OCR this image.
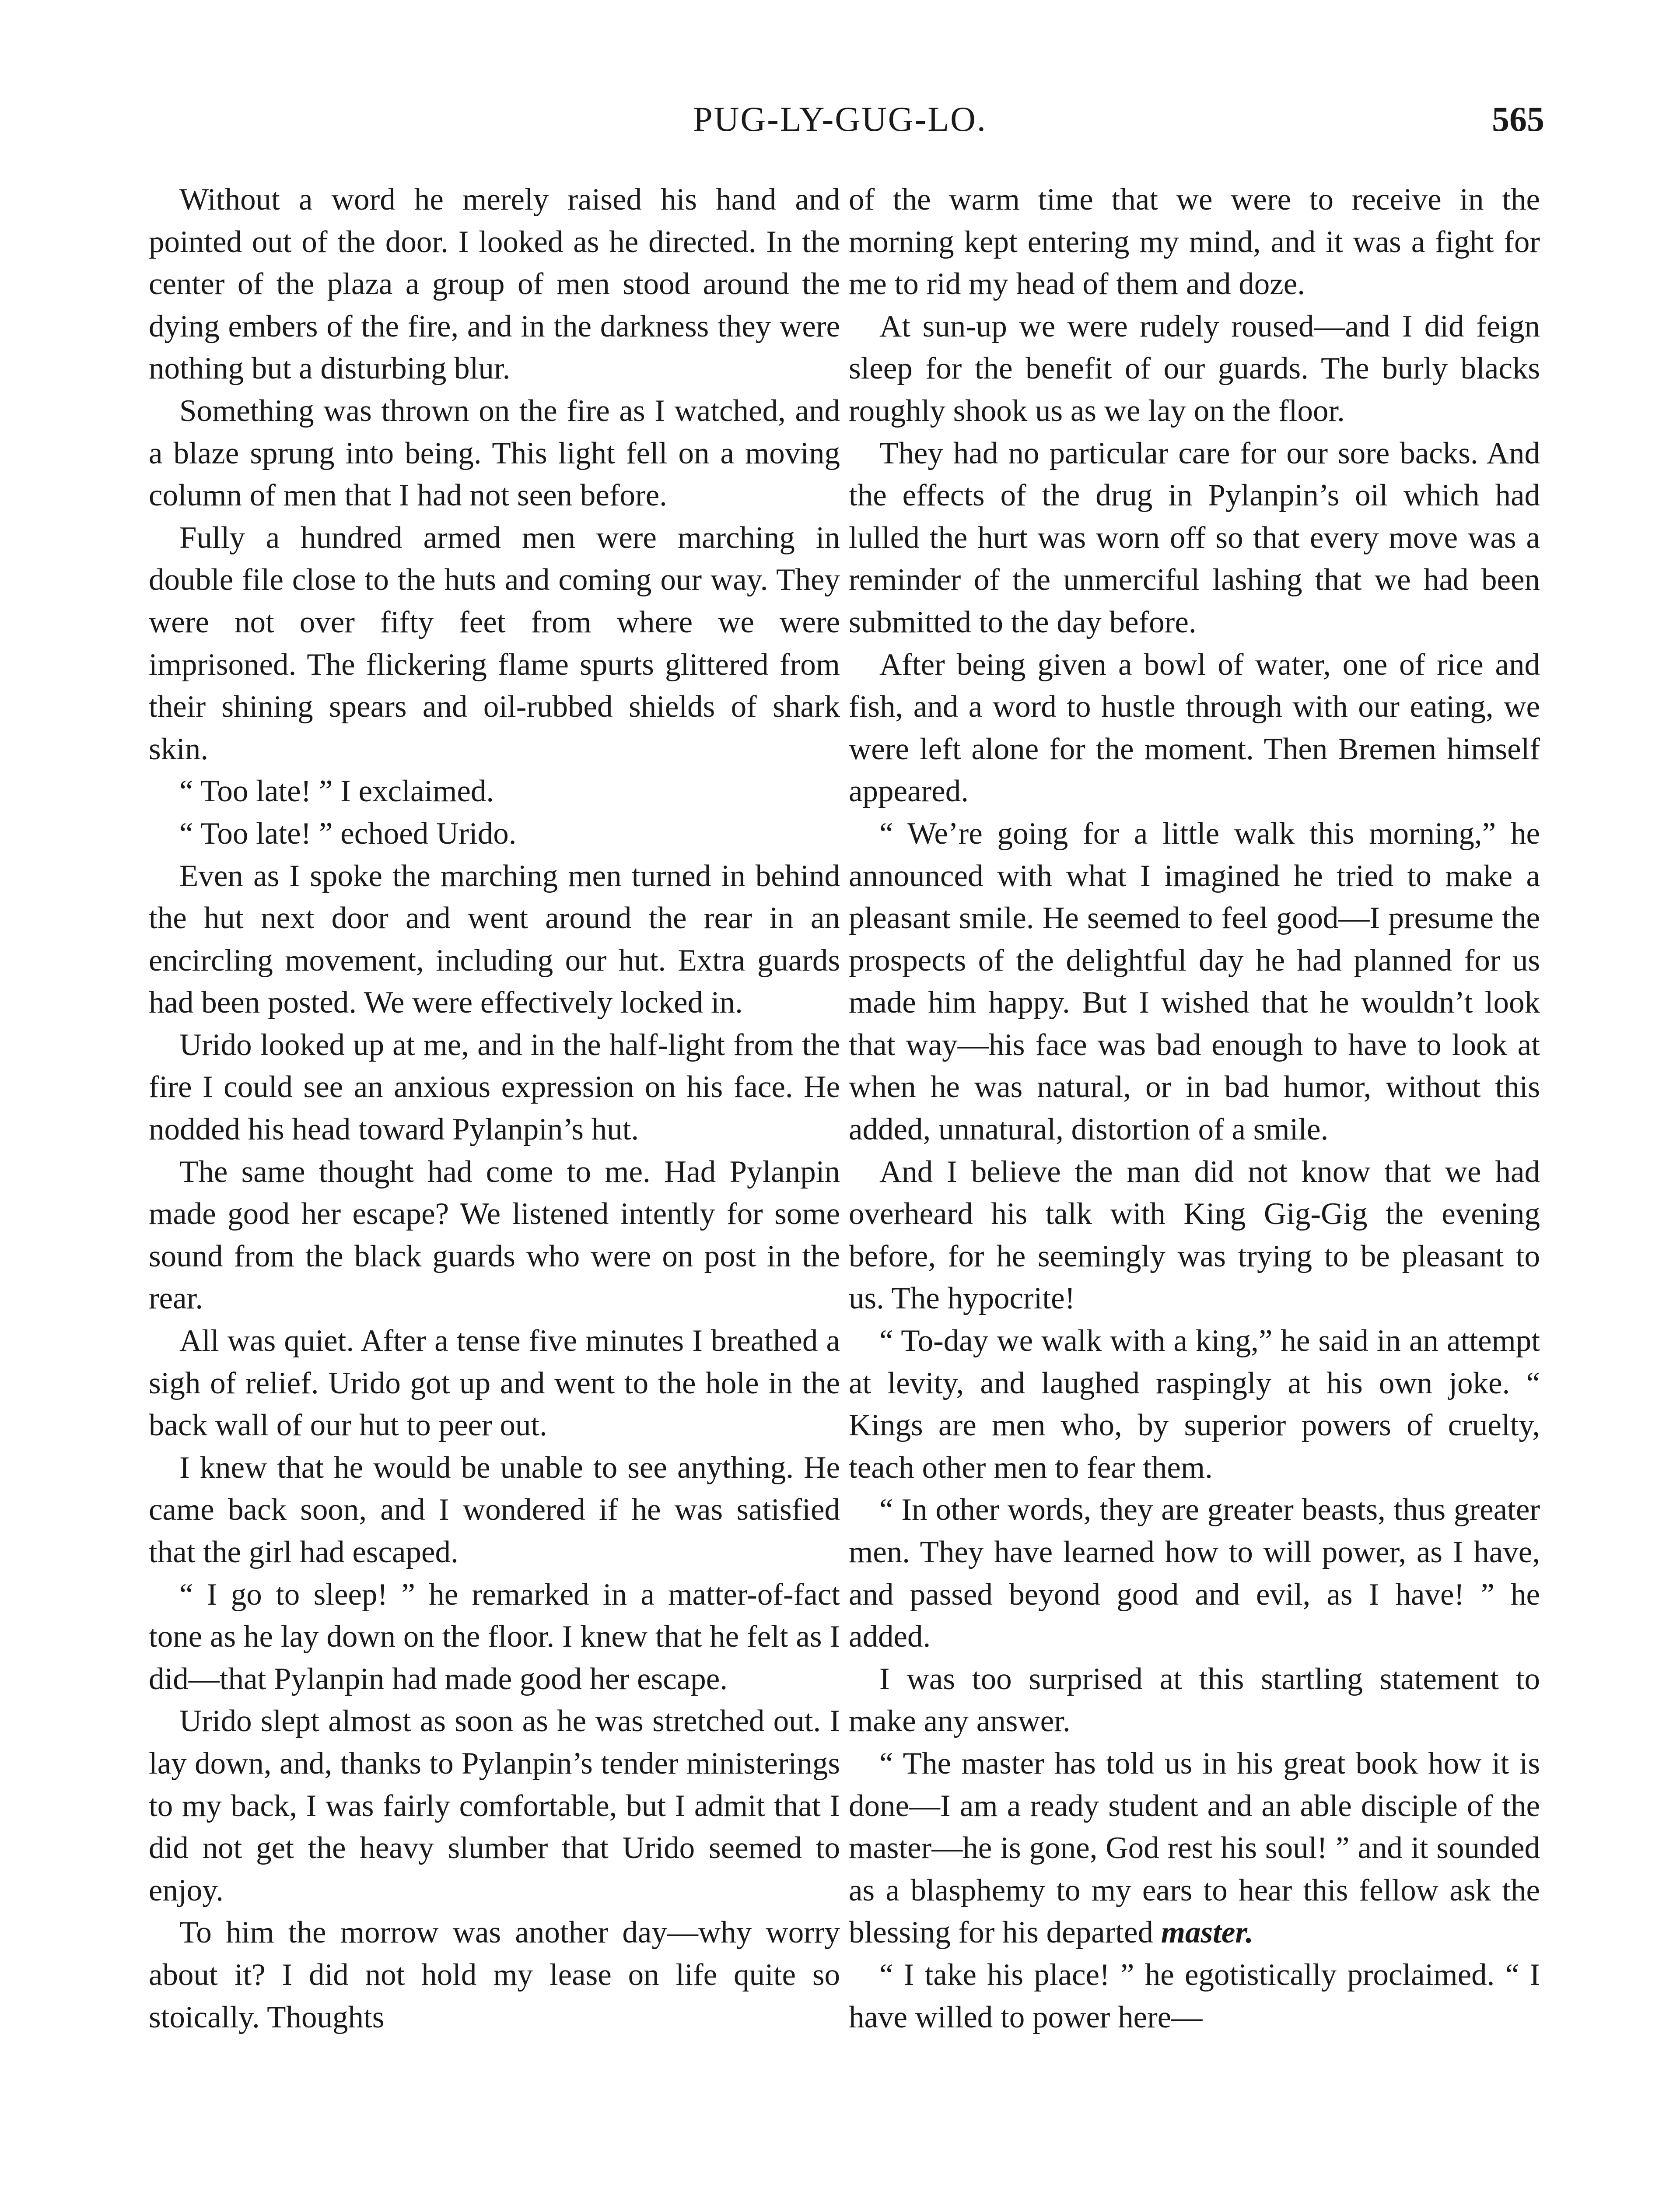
PUG-LY-GUG-LO.	565

Without a word he merely raised his hand and pointed out of the door. I looked as he directed. In the center of the plaza a group of men stood around the dying embers of the fire, and in the darkness they were nothing but a disturbing blur.

Something was thrown on the fire as I watched, and a blaze sprung into being. This light fell on a moving column of men that I had not seen before.

Fully a hundred armed men were marching in double file close to the huts and coming our way. They were not over fifty feet from where we were imprisoned. The flickering flame spurts glittered from their shining spears and oil-rubbed shields of shark skin.

“ Too late! ” I exclaimed.

“ Too late! ” echoed Urido.

Even as I spoke the marching men turned in behind the hut next door and went around the rear in an encircling movement, including our hut. Extra guards had been posted. We were effectively locked in.

Urido looked up at me, and in the half-light from the fire I could see an anxious expression on his face. He nodded his head toward Pylanpin’s hut.

The same thought had come to me. Had Pylanpin made good her escape? We listened intently for some sound from the black guards who were on post in the rear.

All was quiet. After a tense five minutes I breathed a sigh of relief. Urido got up and went to the hole in the back wall of our hut to peer out.

I knew that he would be unable to see anything. He came back soon, and I wondered if he was satisfied that the girl had escaped.

“ I go to sleep! ” he remarked in a matter-of-fact tone as he lay down on the floor. I knew that he felt as I did—that Pylanpin had made good her escape.

Urido slept almost as soon as he was stretched out. I lay down, and, thanks to Pylanpin’s tender ministerings to my back, I was fairly comfortable, but I admit that I did not get the heavy slumber that Urido seemed to enjoy.

To him the morrow was another day—why worry about it? I did not hold my lease on life quite so stoically. Thoughts

of the warm time that we were to receive in the morning kept entering my mind, and it was a fight for me to rid my head of them and doze.

At sun-up we were rudely roused—and I did feign sleep for the benefit of our guards. The burly blacks roughly shook us as we lay on the floor.

They had no particular care for our sore backs. And the effects of the drug in Pylanpin’s oil which had lulled the hurt was worn off so that every move was a reminder of the unmerciful lashing that we had been submitted to the day before.

After being given a bowl of water, one of rice and fish, and a word to hustle through with our eating, we were left alone for the moment. Then Bremen himself appeared.

“ We’re going for a little walk this morning,” he announced with what I imagined he tried to make a pleasant smile. He seemed to feel good—I presume the prospects of the delightful day he had planned for us made him happy. But I wished that he wouldn’t look that way—his face was bad enough to have to look at when he was natural, or in bad humor, without this added, unnatural, distortion of a smile.

And I believe the man did not know that we had overheard his talk with King Gig-Gig the evening before, for he seemingly was trying to be pleasant to us. The hypocrite!

“ To-day we walk with a king,” he said in an attempt at levity, and laughed raspingly at his own joke. “ Kings are men who, by superior powers of cruelty, teach other men to fear them.

“ In other words, they are greater beasts, thus greater men. They have learned how to will power, as I have, and passed beyond good and evil, as I have! ” he added.

I was too surprised at this startling statement to make any answer.

“ The master has told us in his great book how it is done—I am a ready student and an able disciple of the master—he is gone, God rest his soul! ” and it sounded as a blasphemy to my ears to hear this fellow ask the blessing for his departed master.

“ I take his place! ” he egotistically proclaimed. “ I have willed to power here—
